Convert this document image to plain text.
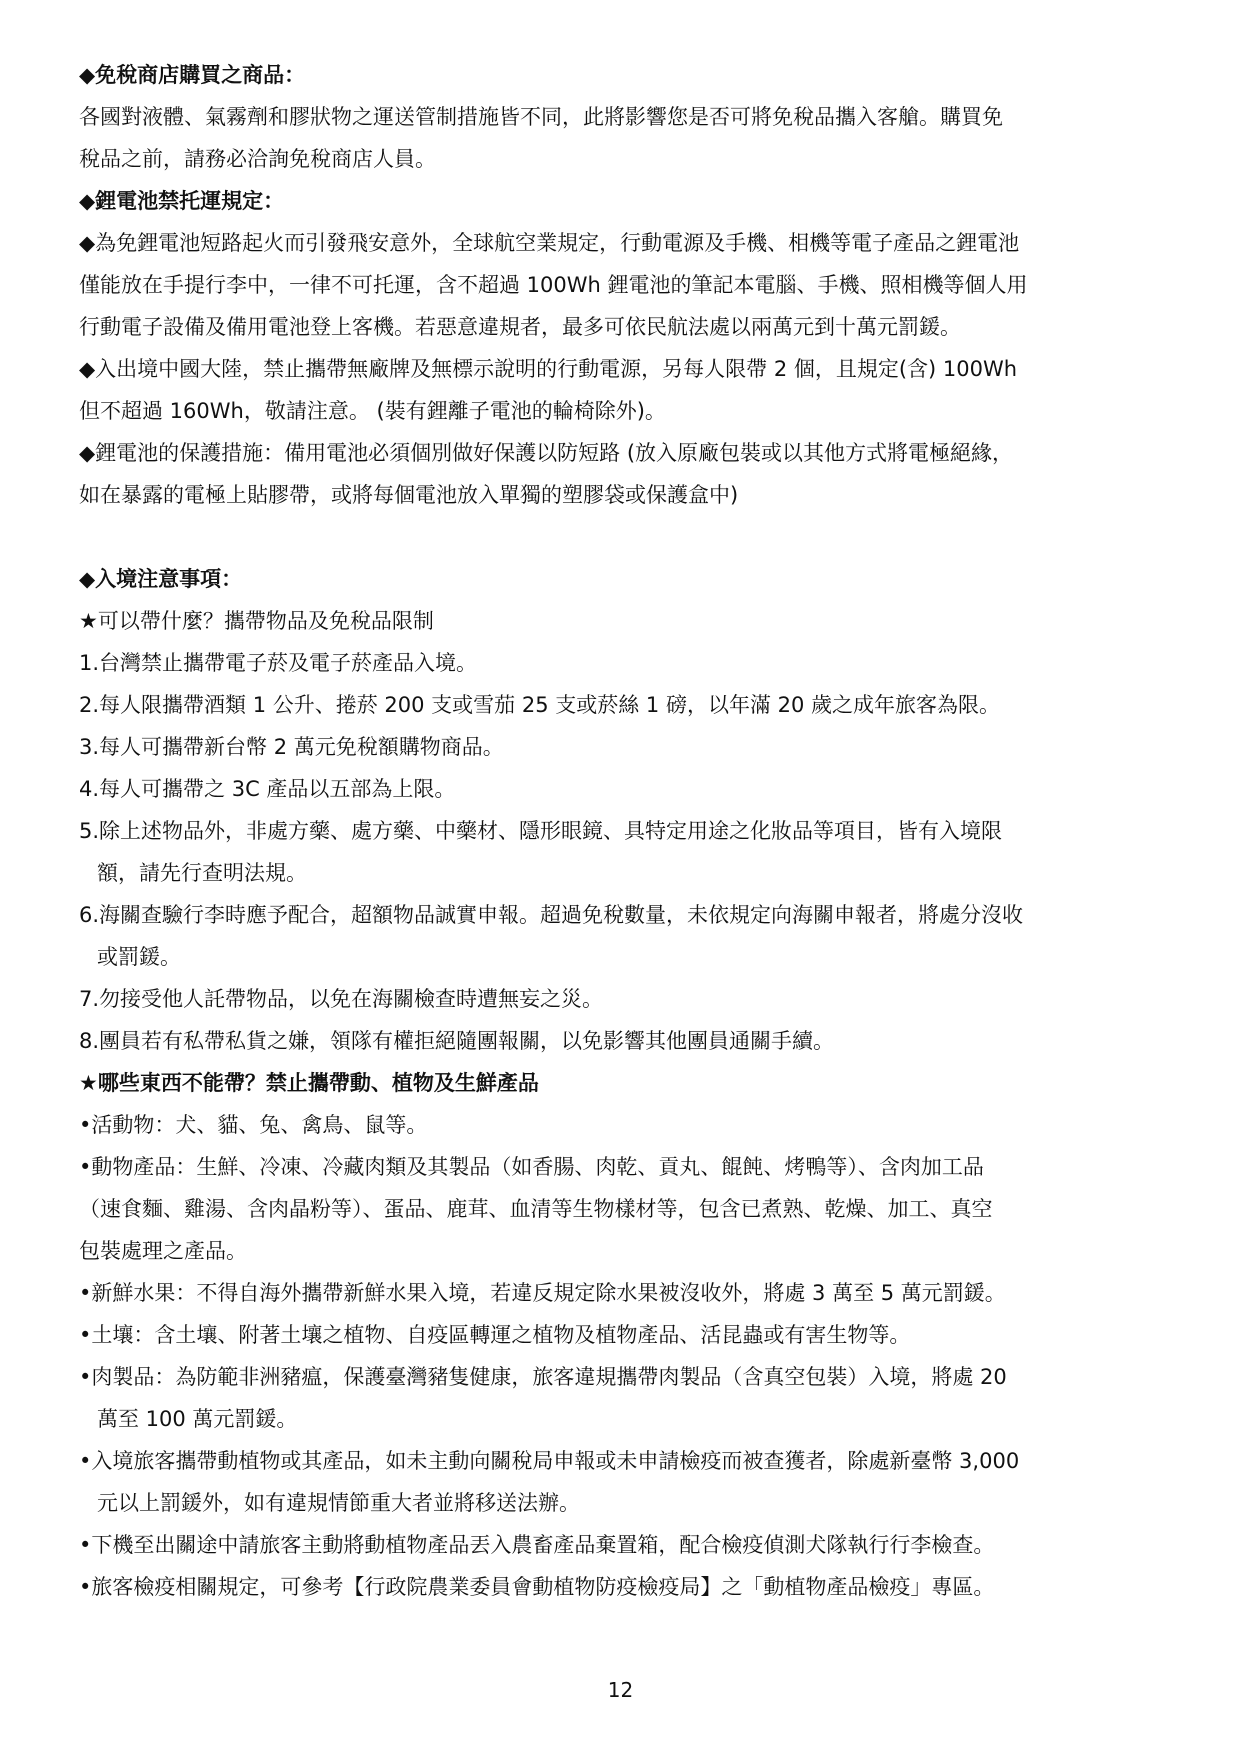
◆免稅商店購買之商品：

各國對液體、氣霧劑和膠狀物之運送管制措施皆不同，此將影響您是否可將免稅品攜入客艙。購買免

稅品之前，請務必洽詢免稅商店人員。

◆鋰電池禁托運規定：

◆為免鋰電池短路起火而引發飛安意外，全球航空業規定，行動電源及手機、相機等電子產品之鋰電池

僅能放在手提行李中，一律不可托運，含不超過 100Wh 鋰電池的筆記本電腦、手機、照相機等個人用

行動電子設備及備用電池登上客機。若惡意違規者，最多可依民航法處以兩萬元到十萬元罰鍰。

◆入出境中國大陸，禁止攜帶無廠牌及無標示說明的行動電源，另每人限帶 2 個，且規定(含) 100Wh

但不超過 160Wh，敬請注意。 (裝有鋰離子電池的輪椅除外)。

◆鋰電池的保護措施：備用電池必須個別做好保護以防短路 (放入原廠包裝或以其他方式將電極絕緣，

如在暴露的電極上貼膠帶，或將每個電池放入單獨的塑膠袋或保護盒中)

◆入境注意事項：

★可以帶什麼？攜帶物品及免稅品限制

1.台灣禁止攜帶電子菸及電子菸產品入境。

2.每人限攜帶酒類 1 公升、捲菸 200 支或雪茄 25 支或菸絲 1 磅，以年滿 20 歲之成年旅客為限。

3.每人可攜帶新台幣 2 萬元免稅額購物商品。

4.每人可攜帶之 3C 產品以五部為上限。

5.除上述物品外，非處方藥、處方藥、中藥材、隱形眼鏡、具特定用途之化妝品等項目，皆有入境限

額，請先行查明法規。

6.海關查驗行李時應予配合，超額物品誠實申報。超過免稅數量，未依規定向海關申報者，將處分沒收

或罰鍰。

7.勿接受他人託帶物品，以免在海關檢查時遭無妄之災。

8.團員若有私帶私貨之嫌，領隊有權拒絕隨團報關，以免影響其他團員通關手續。

★哪些東西不能帶？禁止攜帶動、植物及生鮮產品

•活動物：犬、貓、兔、禽鳥、鼠等。

•動物產品：生鮮、冷凍、冷藏肉類及其製品（如香腸、肉乾、貢丸、餛飩、烤鴨等）、含肉加工品

（速食麵、雞湯、含肉晶粉等）、蛋品、鹿茸、血清等生物樣材等，包含已煮熟、乾燥、加工、真空

包裝處理之產品。

•新鮮水果：不得自海外攜帶新鮮水果入境，若違反規定除水果被沒收外，將處 3 萬至 5 萬元罰鍰。

•土壤：含土壤、附著土壤之植物、自疫區轉運之植物及植物產品、活昆蟲或有害生物等。

•肉製品：為防範非洲豬瘟，保護臺灣豬隻健康，旅客違規攜帶肉製品（含真空包裝）入境，將處 20

萬至 100 萬元罰鍰。

•入境旅客攜帶動植物或其產品，如未主動向關稅局申報或未申請檢疫而被查獲者，除處新臺幣 3,000

元以上罰鍰外，如有違規情節重大者並將移送法辦。

•下機至出關途中請旅客主動將動植物產品丟入農畜產品棄置箱，配合檢疫偵測犬隊執行行李檢查。

•旅客檢疫相關規定，可參考【行政院農業委員會動植物防疫檢疫局】之「動植物產品檢疫」專區。

12
